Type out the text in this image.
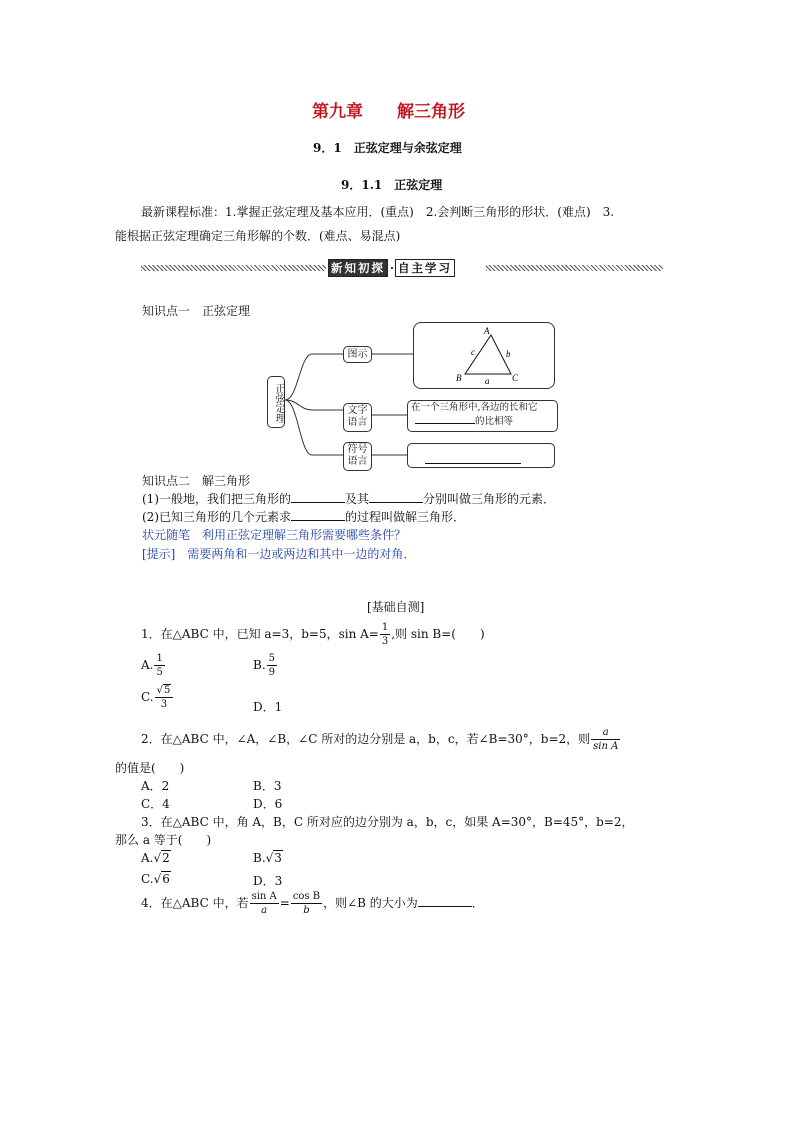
第九章　　解三角形
9．1　正弦定理与余弦定理
9．1.1　正弦定理
最新课程标准：1.掌握正弦定理及基本应用．(重点)　2.会判断三角形的形状．(难点)　3.
能根据正弦定理确定三角形解的个数．(难点、易混点)
新知初探 · 自主学习
知识点一　正弦定理
正弦定理
图示
文字
语言
符号
语言
A
B	C
a
b
c
在一个三角形中,各边的长和它
的比相等
知识点二　解三角形
(1)一般地，我们把三角形的	及其	分别叫做三角形的元素．
(2)已知三角形的几个元素求	的过程叫做解三角形．
状元随笔　利用正弦定理解三角形需要哪些条件？
[提示]　需要两角和一边或两边和其中一边的对角．
[基础自测]
1．在△ABC 中，已知 a=3，b=5，$\sin A= \frac{1}{3}$ ,则 sin B=(　　)
A. $\frac{1}{5}$	B. $\frac{5}{9}$
C. $\frac{√5}{3}$	D．1
2．在△ABC 中，∠A，∠B，∠C 所对的边分别是 a，b，c，若∠B=30°，b=2，则 $\frac{a}{\text{sin A}}$
的值是(　　)
A．2	B．3
C．4	D．6
3．在△ABC 中，角 A，B，C 所对应的边分别为 a，b，c，如果 A=30°，B=45°，b=2，
那么 a 等于(　　)
A.√2	B.√3
C.√6	D．3
4．在△ABC 中，若 $\frac{\text{sin A}}{a} = \frac{\text{cos B}}{b}$ ，则∠B 的大小为	．
